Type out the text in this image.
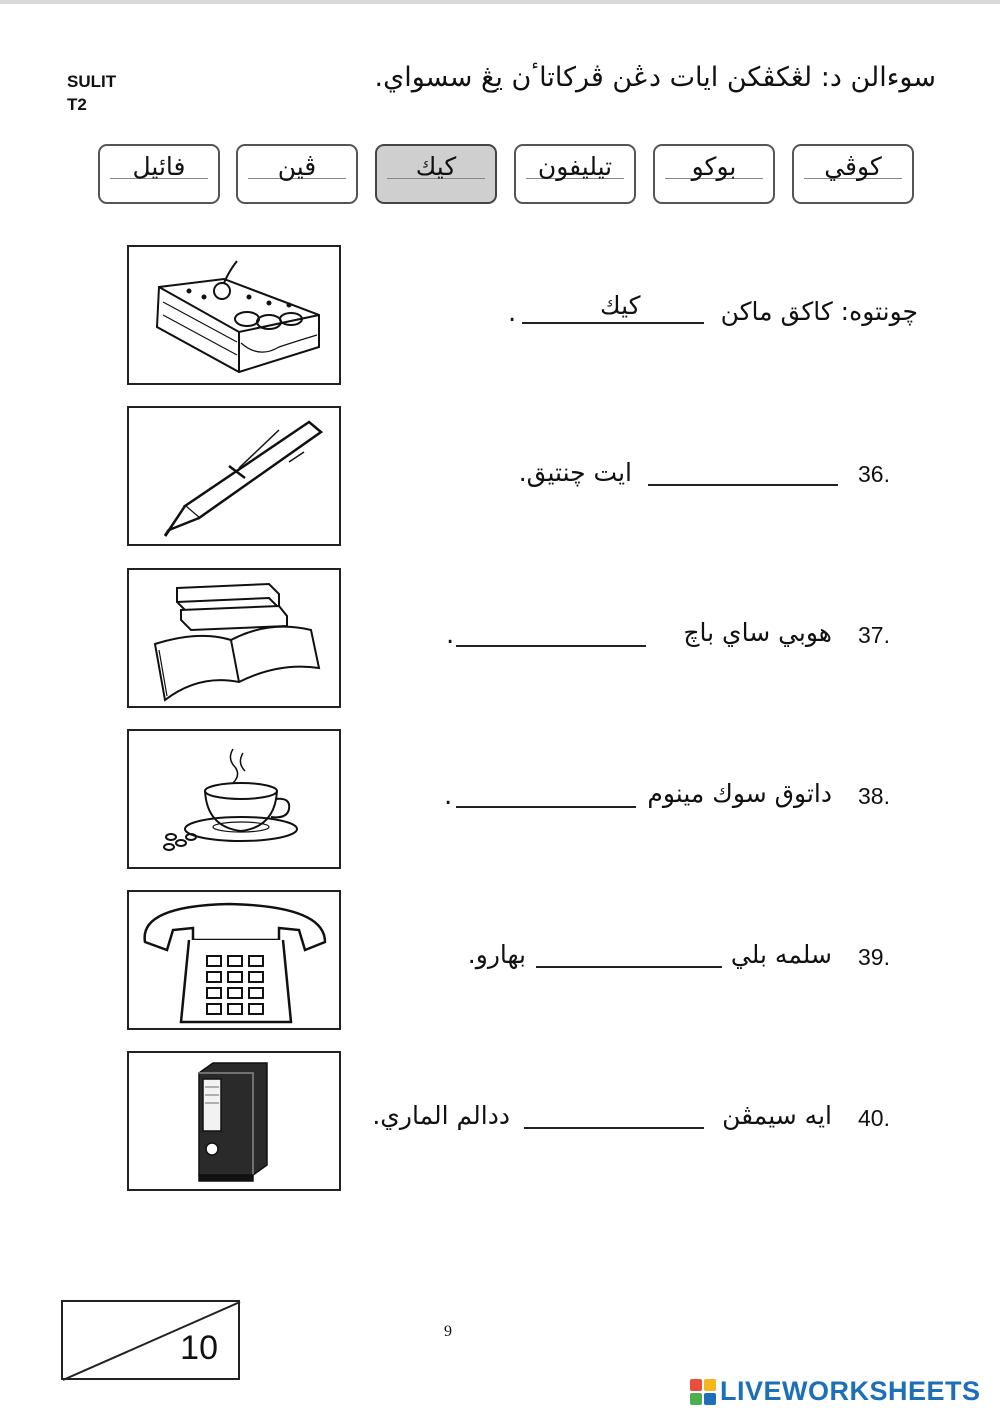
SULIT
T2
سوءالن د: لڠكڤكن ايات دڠن ڤركاتاٴن يڠ سسواي.
كوڤي
بوكو
تيليفون
كيك
ڤين
فائيل
چونتوه: كاكق ماكن
كيك
.
36.
ايت چنتيق.
37.
هوبي ساي باچ
.
38.
داتوق سوك مينوم
.
39.
سلمه بلي
بهارو.
40.
ايه سيمڤن
ددالم الماري.
10	9
LIVEWORKSHEETS
